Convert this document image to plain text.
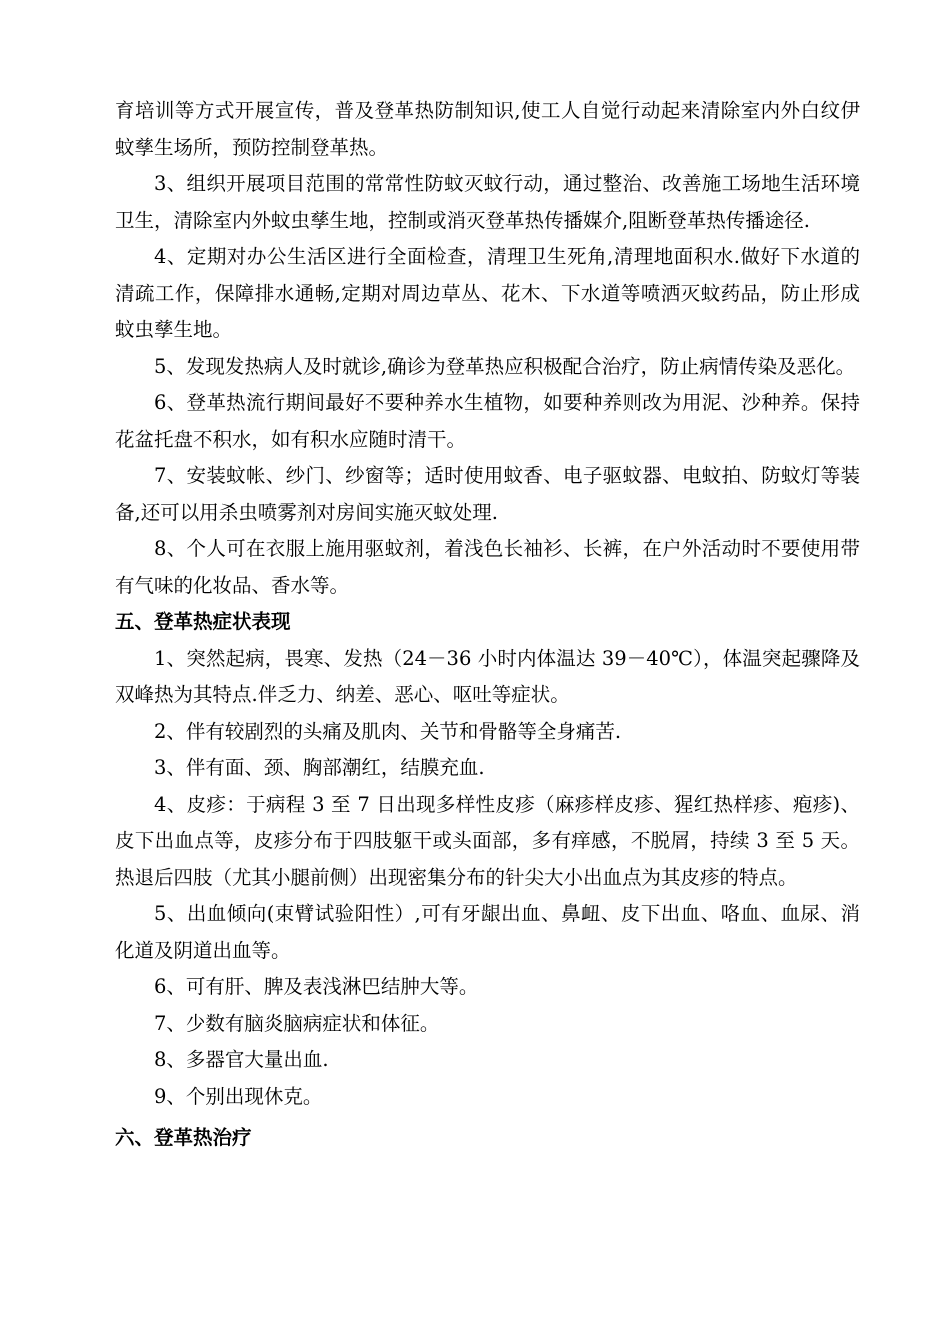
育培训等方式开展宣传，普及登革热防制知识,使工人自觉行动起来清除室内外白纹伊蚊孳生场所，预防控制登革热。

3、组织开展项目范围的常常性防蚊灭蚊行动，通过整治、改善施工场地生活环境卫生，清除室内外蚊虫孳生地，控制或消灭登革热传播媒介,阻断登革热传播途径.

4、定期对办公生活区进行全面检查，清理卫生死角,清理地面积水.做好下水道的清疏工作，保障排水通畅,定期对周边草丛、花木、下水道等喷洒灭蚊药品，防止形成蚊虫孳生地。

5、发现发热病人及时就诊,确诊为登革热应积极配合治疗，防止病情传染及恶化。

6、登革热流行期间最好不要种养水生植物，如要种养则改为用泥、沙种养。保持花盆托盘不积水，如有积水应随时清干。

7、安装蚊帐、纱门、纱窗等；适时使用蚊香、电子驱蚊器、电蚊拍、防蚊灯等装备,还可以用杀虫喷雾剂对房间实施灭蚊处理.

8、个人可在衣服上施用驱蚊剂，着浅色长袖衫、长裤，在户外活动时不要使用带有气味的化妆品、香水等。

五、登革热症状表现

1、突然起病，畏寒、发热（24－36 小时内体温达 39－40℃），体温突起骤降及双峰热为其特点.伴乏力、纳差、恶心、呕吐等症状。

2、伴有较剧烈的头痛及肌肉、关节和骨骼等全身痛苦.

3、伴有面、颈、胸部潮红，结膜充血.

4、皮疹：于病程 3 至 7 日出现多样性皮疹（麻疹样皮疹、猩红热样疹、疱疹)、皮下出血点等，皮疹分布于四肢躯干或头面部，多有痒感，不脱屑，持续 3 至 5 天。热退后四肢（尤其小腿前侧）出现密集分布的针尖大小出血点为其皮疹的特点。

5、出血倾向(束臂试验阳性）,可有牙龈出血、鼻衄、皮下出血、咯血、血尿、消化道及阴道出血等。

6、可有肝、脾及表浅淋巴结肿大等。

7、少数有脑炎脑病症状和体征。

8、多器官大量出血.

9、个别出现休克。

六、登革热治疗
